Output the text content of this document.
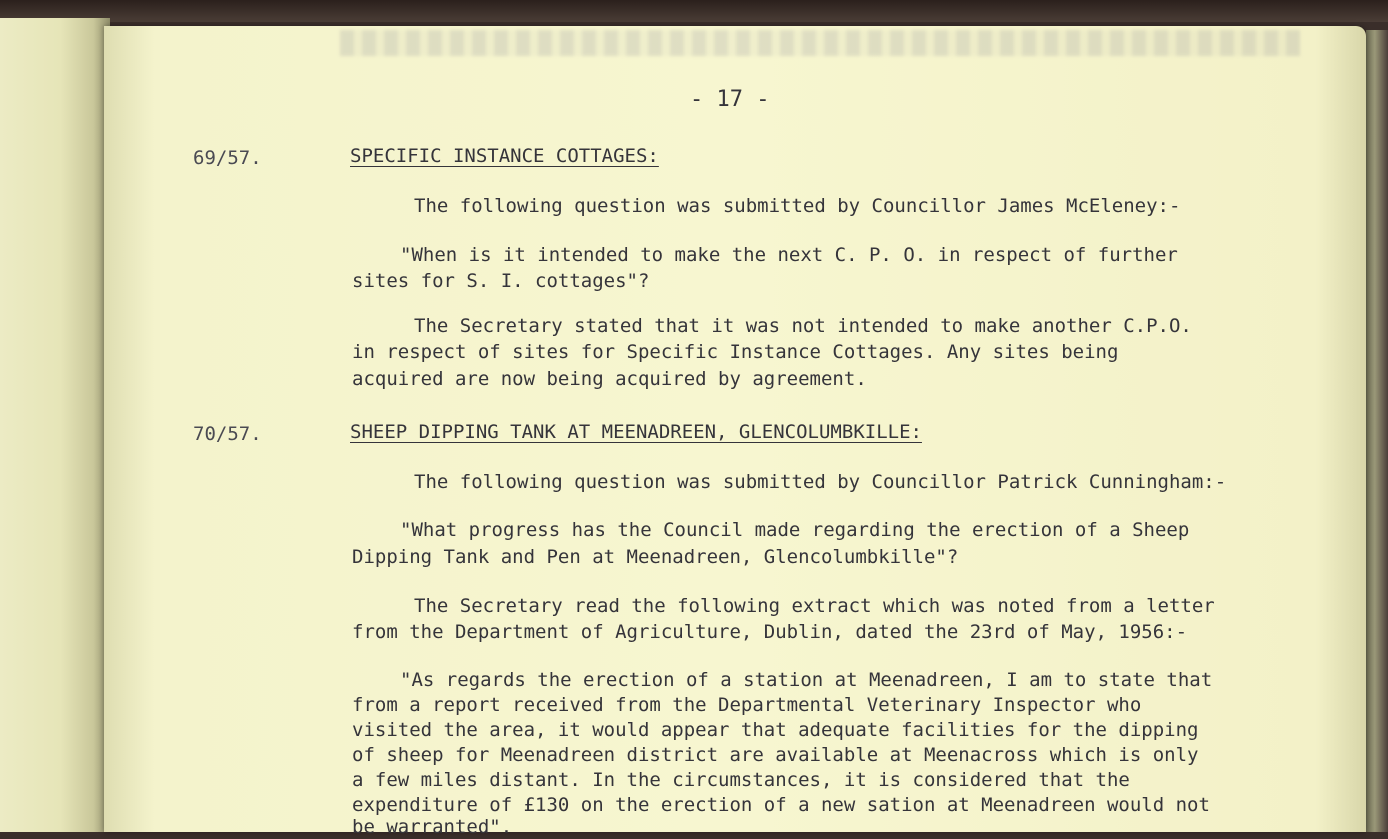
- 17 -

69/57.	SPECIFIC INSTANCE COTTAGES:

The following question was submitted by Councillor James McEleney:-

"When is it intended to make the next C. P. O. in respect of further

sites for S. I. cottages"?

The Secretary stated that it was not intended to make another C.P.O.

in respect of sites for Specific Instance Cottages. Any sites being

acquired are now being acquired by agreement.

70/57.	SHEEP DIPPING TANK AT MEENADREEN, GLENCOLUMBKILLE:

The following question was submitted by Councillor Patrick Cunningham:-

"What progress has the Council made regarding the erection of a Sheep

Dipping Tank and Pen at Meenadreen, Glencolumbkille"?

The Secretary read the following extract which was noted from a letter

from the Department of Agriculture, Dublin, dated the 23rd of May, 1956:-

"As regards the erection of a station at Meenadreen, I am to state that

from a report received from the Departmental Veterinary Inspector who

visited the area, it would appear that adequate facilities for the dipping

of sheep for Meenadreen district are available at Meenacross which is only

a few miles distant. In the circumstances, it is considered that the

expenditure of £130 on the erection of a new sation at Meenadreen would not

be warranted".
